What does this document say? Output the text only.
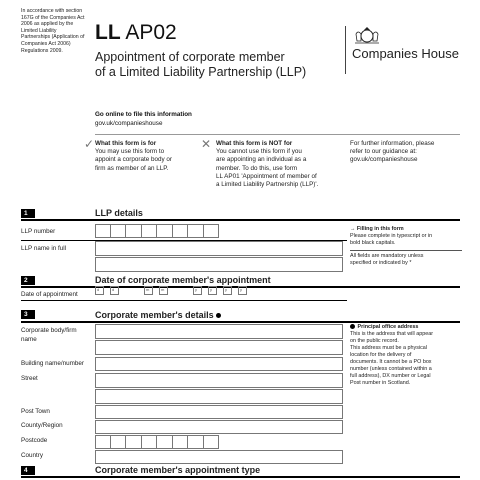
In accordance with section 167G of the Companies Act 2006 as applied by the Limited Liability Partnerships (Application of Companies Act 2006) Regulations 2009.
LL AP02
Appointment of corporate member
of a Limited Liability Partnership (LLP)
Companies House
Go online to file this information
gov.uk/companieshouse
✓ What this form is for
You may use this form to
appoint a corporate body or
firm as member of an LLP.
✕ What this form is NOT for
You cannot use this form if you
are appointing an individual as a
member. To do this, use form
LL AP01 'Appointment of member of
a Limited Liability Partnership (LLP)'.
For further information, please
refer to our guidance at:
gov.uk/companieshouse
1	LLP details
LLP number
LLP name in full
→ Filling in this form
Please complete in typescript or in
bold black capitals.
All fields are mandatory unless
specified or indicated by *
2	Date of corporate member's appointment
Date of appointment
d	d	m	m	y	y	y	y
3	Corporate member's details
Corporate body/firm name
Building name/number
Street
Post Town
County/Region
Postcode
Country
Principal office address
This is the address that will appear
on the public record.
This address must be a physical
location for the delivery of
documents. It cannot be a PO box
number (unless contained within a
full address), DX number or Legal
Post number in Scotland.
4	Corporate member's appointment type
